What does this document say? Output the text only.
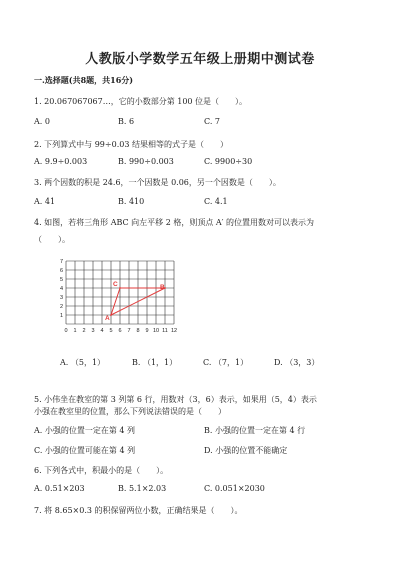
人教版小学数学五年级上册期中测试卷
一.选择题(共8题，共16分)
1. 20.067067067…，它的小数部分第 100 位是（　　）。
A. 0	B. 6	C. 7
2. 下列算式中与 99÷0.03 结果相等的式子是（　　）
A. 9.9÷0.003	B. 990÷0.003	C. 9900÷30
3. 两个因数的积是 24.6，一个因数是 0.06，另一个因数是（　　）。
A. 41	B. 410	C. 4.1
4. 如图，若将三角形 ABC 向左平移 2 格，则顶点 A′ 的位置用数对可以表示为
（　　）。
0 1 2 3 4 5 6 7 8 9 10 11 12
1
2
3
4
5
6
7
A
B
C
A. （5，1）	B. （1，1）	C. （7，1）	D. （3，3）
5. 小伟坐在教室的第 3 列第 6 行，用数对（3，6）表示，如果用（5，4）表示
小强在教室里的位置，那么下列说法错误的是（　　）
A. 小强的位置一定在第 4 列	B. 小强的位置一定在第 4 行
C. 小强的位置可能在第 4 列	D. 小强的位置不能确定
6. 下列各式中，积最小的是（　　）。
A. 0.51×203	B. 5.1×2.03	C. 0.051×2030
7. 将 8.65×0.3 的积保留两位小数，正确结果是（　　）。
